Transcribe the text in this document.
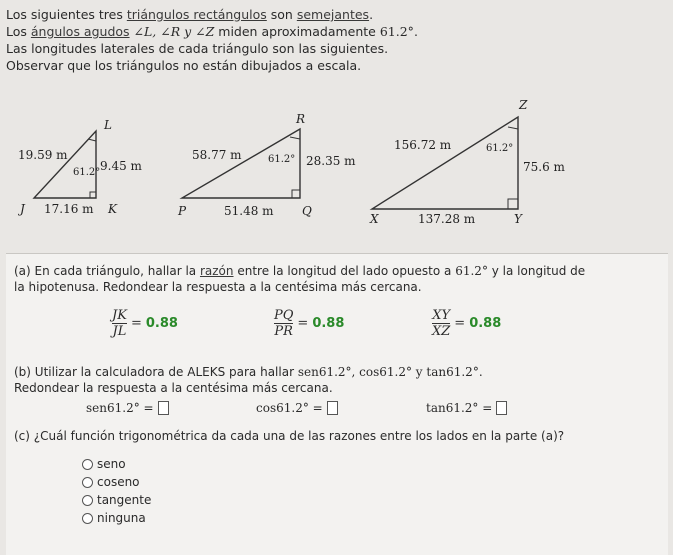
Los siguientes tres triángulos rectángulos son semejantes.

Los ángulos agudos ∠L, ∠R y ∠Z miden aproximadamente 61.2°.

Las longitudes laterales de cada triángulo son las siguientes.

Observar que los triángulos no están dibujados a escala.

L
J	K
19.59 m
9.45 m
17.16 m
61.2°
R
P	Q
58.77 m	28.35 m
51.48 m
61.2°
Z
X	Y
156.72 m
75.6 m
137.28 m
61.2°
(a) En cada triángulo, hallar la razón entre la longitud del lado opuesto a 61.2° y la longitud de
la hipotenusa. Redondear la respuesta a la centésima más cercana.
$\frac{JK}{JL} = 0.88$	$\frac{PQ}{PR} = 0.88$	$\frac{XY}{XZ} = 0.88$
(b) Utilizar la calculadora de ALEKS para hallar sen61.2°, cos61.2° y tan61.2°.
Redondear la respuesta a la centésima más cercana.
sen61.2° =	cos61.2° =	tan61.2° =
(c) ¿Cuál función trigonométrica da cada una de las razones entre los lados en la parte (a)?
seno
coseno
tangente
ninguna
